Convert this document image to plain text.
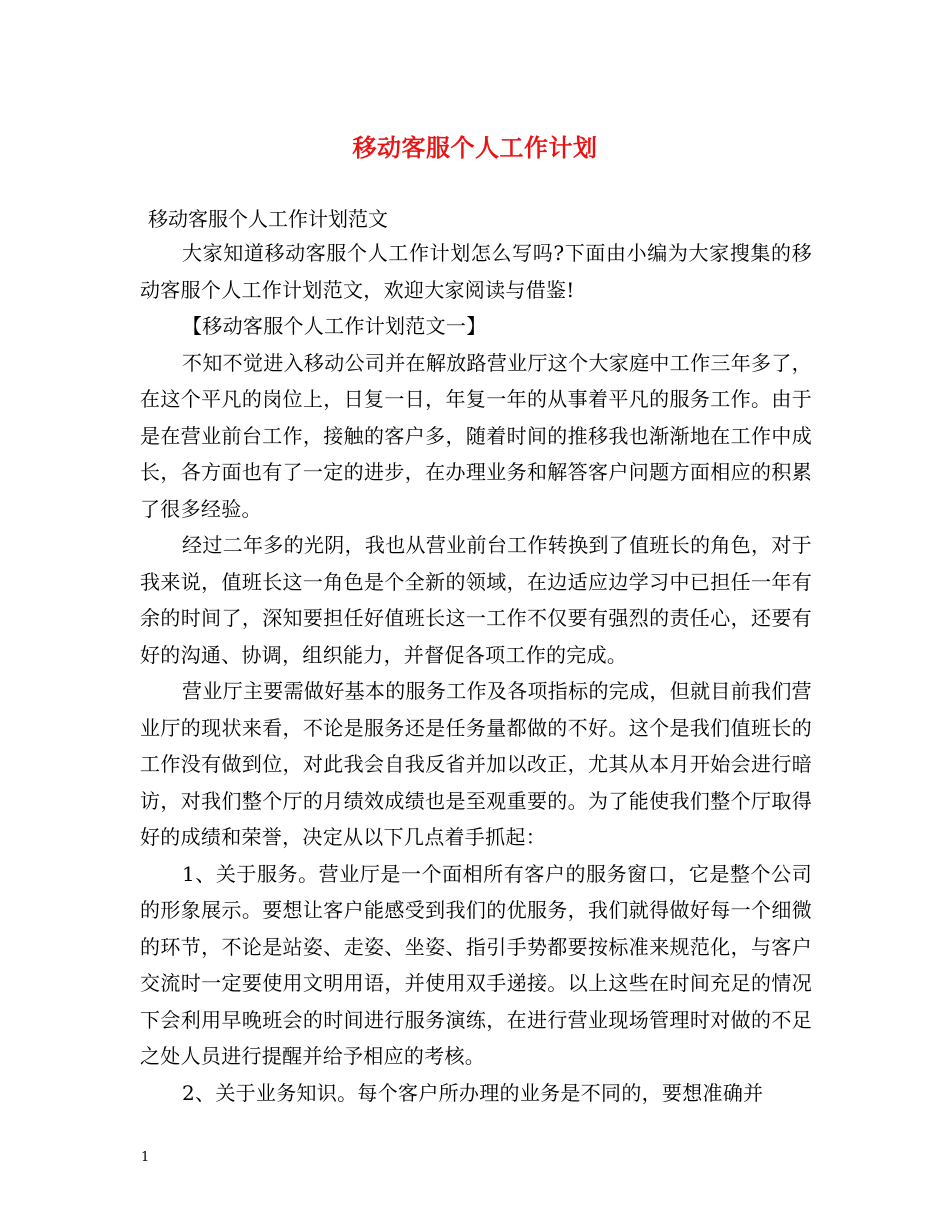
移动客服个人工作计划
移动客服个人工作计划范文

大家知道移动客服个人工作计划怎么写吗?下面由小编为大家搜集的移动客服个人工作计划范文，欢迎大家阅读与借鉴!

【移动客服个人工作计划范文一】

不知不觉进入移动公司并在解放路营业厅这个大家庭中工作三年多了，在这个平凡的岗位上，日复一日，年复一年的从事着平凡的服务工作。由于是在营业前台工作，接触的客户多，随着时间的推移我也渐渐地在工作中成长，各方面也有了一定的进步，在办理业务和解答客户问题方面相应的积累了很多经验。

经过二年多的光阴，我也从营业前台工作转换到了值班长的角色，对于我来说，值班长这一角色是个全新的领域，在边适应边学习中已担任一年有余的时间了，深知要担任好值班长这一工作不仅要有强烈的责任心，还要有好的沟通、协调，组织能力，并督促各项工作的完成。

营业厅主要需做好基本的服务工作及各项指标的完成，但就目前我们营业厅的现状来看，不论是服务还是任务量都做的不好。这个是我们值班长的工作没有做到位，对此我会自我反省并加以改正，尤其从本月开始会进行暗访，对我们整个厅的月绩效成绩也是至观重要的。为了能使我们整个厅取得好的成绩和荣誉，决定从以下几点着手抓起：

1、关于服务。营业厅是一个面相所有客户的服务窗口，它是整个公司的形象展示。要想让客户能感受到我们的优服务，我们就得做好每一个细微的环节，不论是站姿、走姿、坐姿、指引手势都要按标准来规范化，与客户交流时一定要使用文明用语，并使用双手递接。以上这些在时间充足的情况下会利用早晚班会的时间进行服务演练，在进行营业现场管理时对做的不足之处人员进行提醒并给予相应的考核。

2、关于业务知识。每个客户所办理的业务是不同的，要想准确并

1
